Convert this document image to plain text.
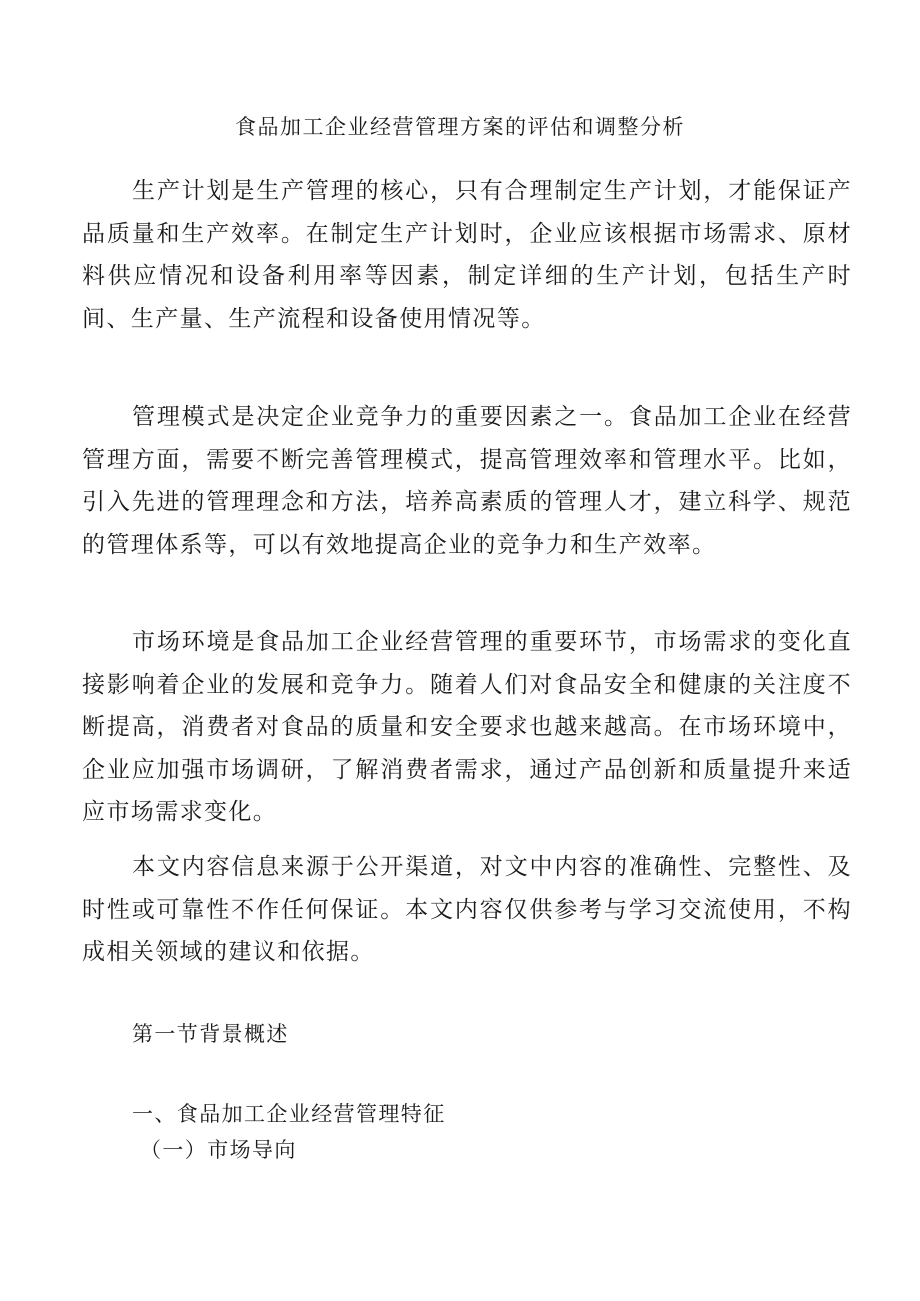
食品加工企业经营管理方案的评估和调整分析

生产计划是生产管理的核心，只有合理制定生产计划，才能保证产品质量和生产效率。在制定生产计划时，企业应该根据市场需求、原材料供应情况和设备利用率等因素，制定详细的生产计划，包括生产时间、生产量、生产流程和设备使用情况等。

管理模式是决定企业竞争力的重要因素之一。食品加工企业在经营管理方面，需要不断完善管理模式，提高管理效率和管理水平。比如，引入先进的管理理念和方法，培养高素质的管理人才，建立科学、规范的管理体系等，可以有效地提高企业的竞争力和生产效率。

市场环境是食品加工企业经营管理的重要环节，市场需求的变化直接影响着企业的发展和竞争力。随着人们对食品安全和健康的关注度不断提高，消费者对食品的质量和安全要求也越来越高。在市场环境中，企业应加强市场调研，了解消费者需求，通过产品创新和质量提升来适应市场需求变化。

本文内容信息来源于公开渠道，对文中内容的准确性、完整性、及时性或可靠性不作任何保证。本文内容仅供参考与学习交流使用，不构成相关领域的建议和依据。

第一节背景概述
一、食品加工企业经营管理特征
（一）市场导向
